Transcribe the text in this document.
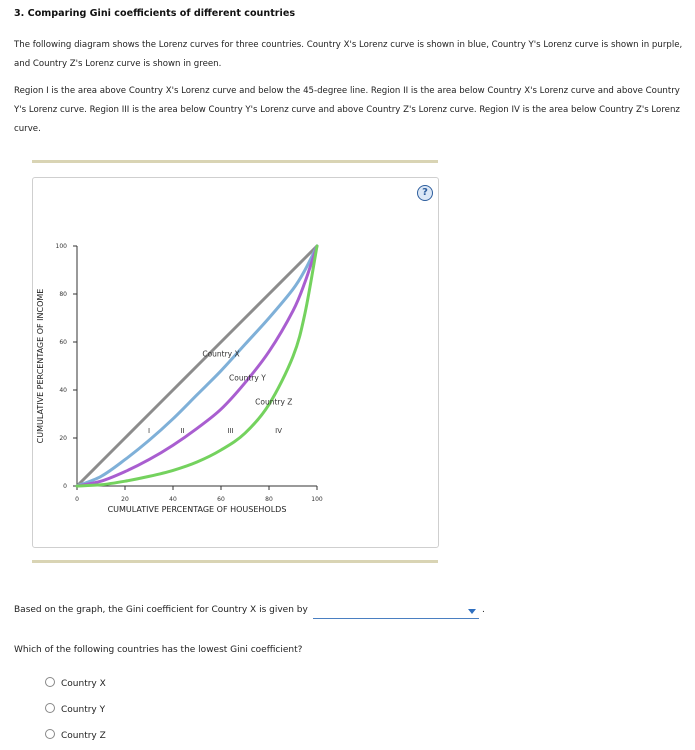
3. Comparing Gini coefficients of different countries
The following diagram shows the Lorenz curves for three countries. Country X's Lorenz curve is shown in blue, Country Y's Lorenz curve is shown in purple, and Country Z's Lorenz curve is shown in green.
Region I is the area above Country X's Lorenz curve and below the 45-degree line. Region II is the area below Country X's Lorenz curve and above Country Y's Lorenz curve. Region III is the area below Country Y's Lorenz curve and above Country Z's Lorenz curve. Region IV is the area below Country Z's Lorenz curve.
?
0
20
40
60
80
100
0	20	40	60	80	100
CUMULATIVE PERCENTAGE OF HOUSEHOLDS
CUMULATIVE PERCENTAGE OF INCOME	Country X
Country Y
Country Z
I	II	III	IV
Based on the graph, the Gini coefficient for Country X is given by	.
Which of the following countries has the lowest Gini coefficient?
Country X
Country Y
Country Z
